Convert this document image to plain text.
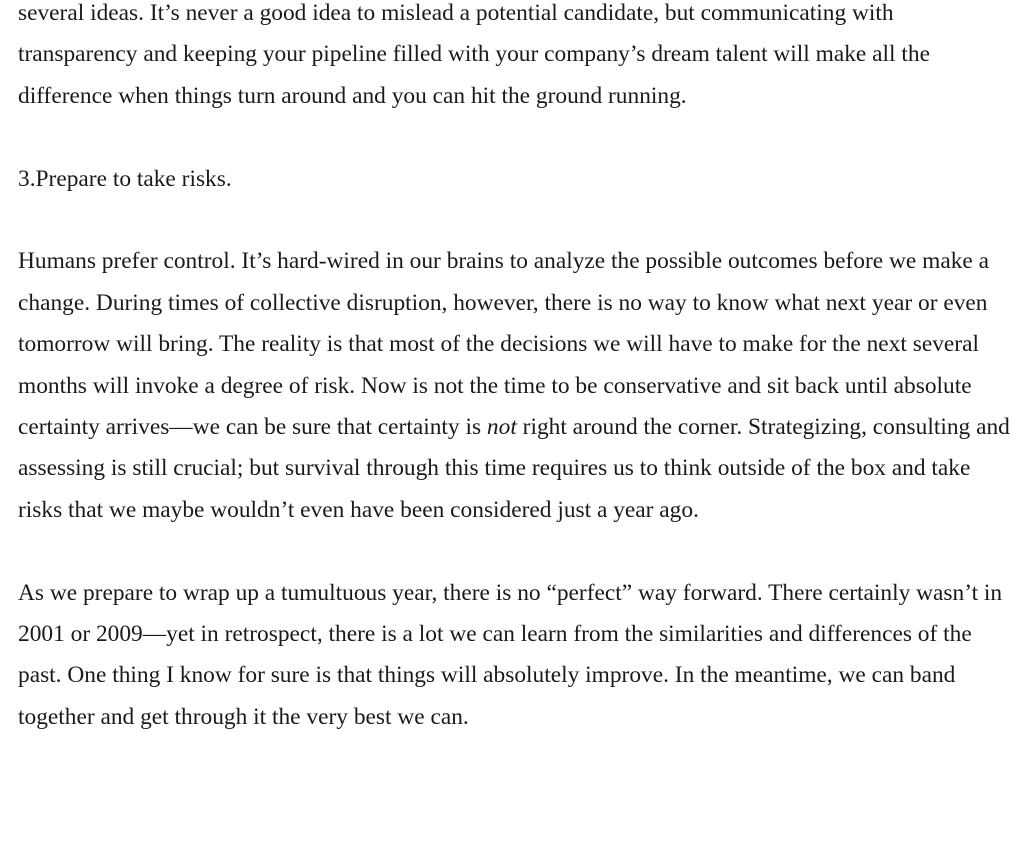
several ideas. It’s never a good idea to mislead a potential candidate, but communicating with transparency and keeping your pipeline filled with your company’s dream talent will make all the difference when things turn around and you can hit the ground running.

3.Prepare to take risks.

Humans prefer control. It’s hard-wired in our brains to analyze the possible outcomes before we make a change. During times of collective disruption, however, there is no way to know what next year or even tomorrow will bring. The reality is that most of the decisions we will have to make for the next several months will invoke a degree of risk. Now is not the time to be conservative and sit back until absolute certainty arrives—we can be sure that certainty is not right around the corner. Strategizing, consulting and assessing is still crucial; but survival through this time requires us to think outside of the box and take risks that we maybe wouldn’t even have been considered just a year ago.

As we prepare to wrap up a tumultuous year, there is no “perfect” way forward. There certainly wasn’t in 2001 or 2009—yet in retrospect, there is a lot we can learn from the similarities and differences of the past. One thing I know for sure is that things will absolutely improve. In the meantime, we can band together and get through it the very best we can.
